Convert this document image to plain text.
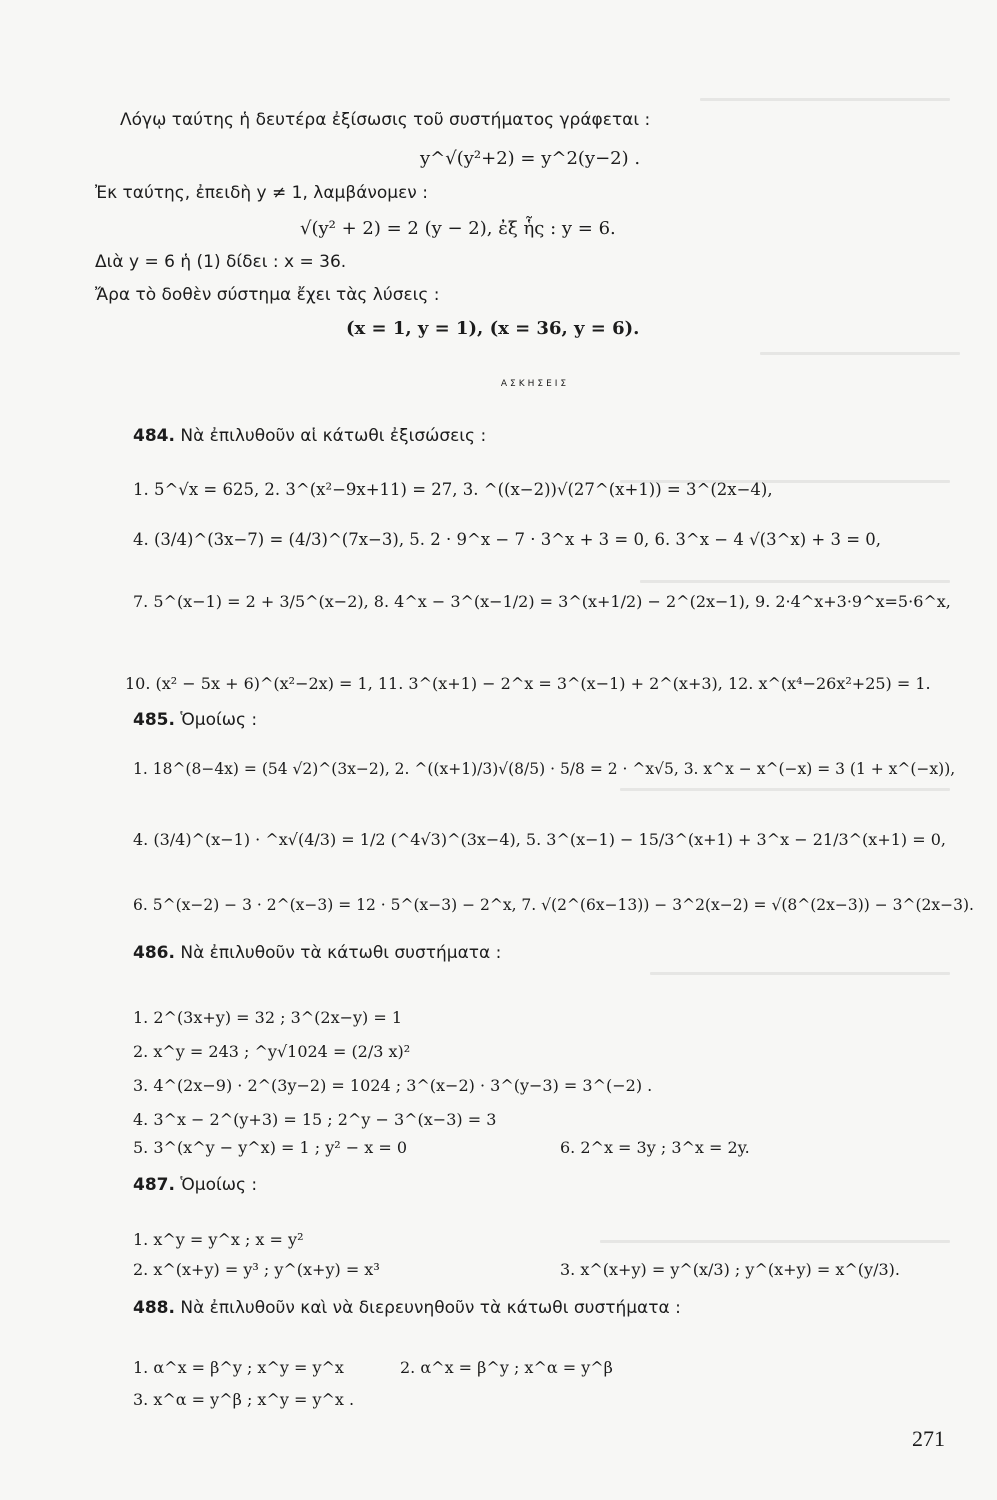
Λόγῳ ταύτης ἡ δευτέρα ἐξίσωσις τοῦ συστήματος γράφεται :
y^√(y²+2) = y^2(y−2) .
Ἐκ ταύτης, ἐπειδὴ y ≠ 1, λαμβάνομεν :
√(y² + 2) = 2 (y − 2), ἐξ ἧς : y = 6.
Διὰ y = 6 ἡ (1) δίδει : x = 36.
Ἄρα τὸ δοθὲν σύστημα ἔχει τὰς λύσεις :
(x = 1, y = 1), (x = 36, y = 6).
ΑΣΚΗΣΕΙΣ
484. Νὰ ἐπιλυθοῦν αἱ κάτωθι ἐξισώσεις :
1. 5^√x = 625, 2. 3^(x²−9x+11) = 27, 3. ^((x−2))√(27^(x+1)) = 3^(2x−4),
4. (3/4)^(3x−7) = (4/3)^(7x−3), 5. 2 · 9^x − 7 · 3^x + 3 = 0, 6. 3^x − 4 √(3^x) + 3 = 0,
7. 5^(x−1) = 2 + 3/5^(x−2), 8. 4^x − 3^(x−1/2) = 3^(x+1/2) − 2^(2x−1), 9. 2·4^x+3·9^x=5·6^x,
10. (x² − 5x + 6)^(x²−2x) = 1, 11. 3^(x+1) − 2^x = 3^(x−1) + 2^(x+3), 12. x^(x⁴−26x²+25) = 1.
485. Ὁμοίως :
1. 18^(8−4x) = (54 √2)^(3x−2), 2. ^((x+1)/3)√(8/5) · 5/8 = 2 · ^x√5, 3. x^x − x^(−x) = 3 (1 + x^(−x)),
4. (3/4)^(x−1) · ^x√(4/3) = 1/2 (^4√3)^(3x−4), 5. 3^(x−1) − 15/3^(x+1) + 3^x − 21/3^(x+1) = 0,
6. 5^(x−2) − 3 · 2^(x−3) = 12 · 5^(x−3) − 2^x, 7. √(2^(6x−13)) − 3^2(x−2) = √(8^(2x−3)) − 3^(2x−3).
486. Νὰ ἐπιλυθοῦν τὰ κάτωθι συστήματα :
1. 2^(3x+y) = 32 ; 3^(2x−y) = 1
2. x^y = 243 ; ^y√1024 = (2/3 x)²
3. 4^(2x−9) · 2^(3y−2) = 1024 ; 3^(x−2) · 3^(y−3) = 3^(−2) .
4. 3^x − 2^(y+3) = 15 ; 2^y − 3^(x−3) = 3
5. 3^(x^y − y^x) = 1 ; y² − x = 0	6. 2^x = 3y ; 3^x = 2y.
487. Ὁμοίως :
1. x^y = y^x ; x = y²
2. x^(x+y) = y³ ; y^(x+y) = x³	3. x^(x+y) = y^(x/3) ; y^(x+y) = x^(y/3).
488. Νὰ ἐπιλυθοῦν καὶ νὰ διερευνηθοῦν τὰ κάτωθι συστήματα :
1. α^x = β^y ; x^y = y^x	2. α^x = β^y ; x^α = y^β
3. x^α = y^β ; x^y = y^x .
271
